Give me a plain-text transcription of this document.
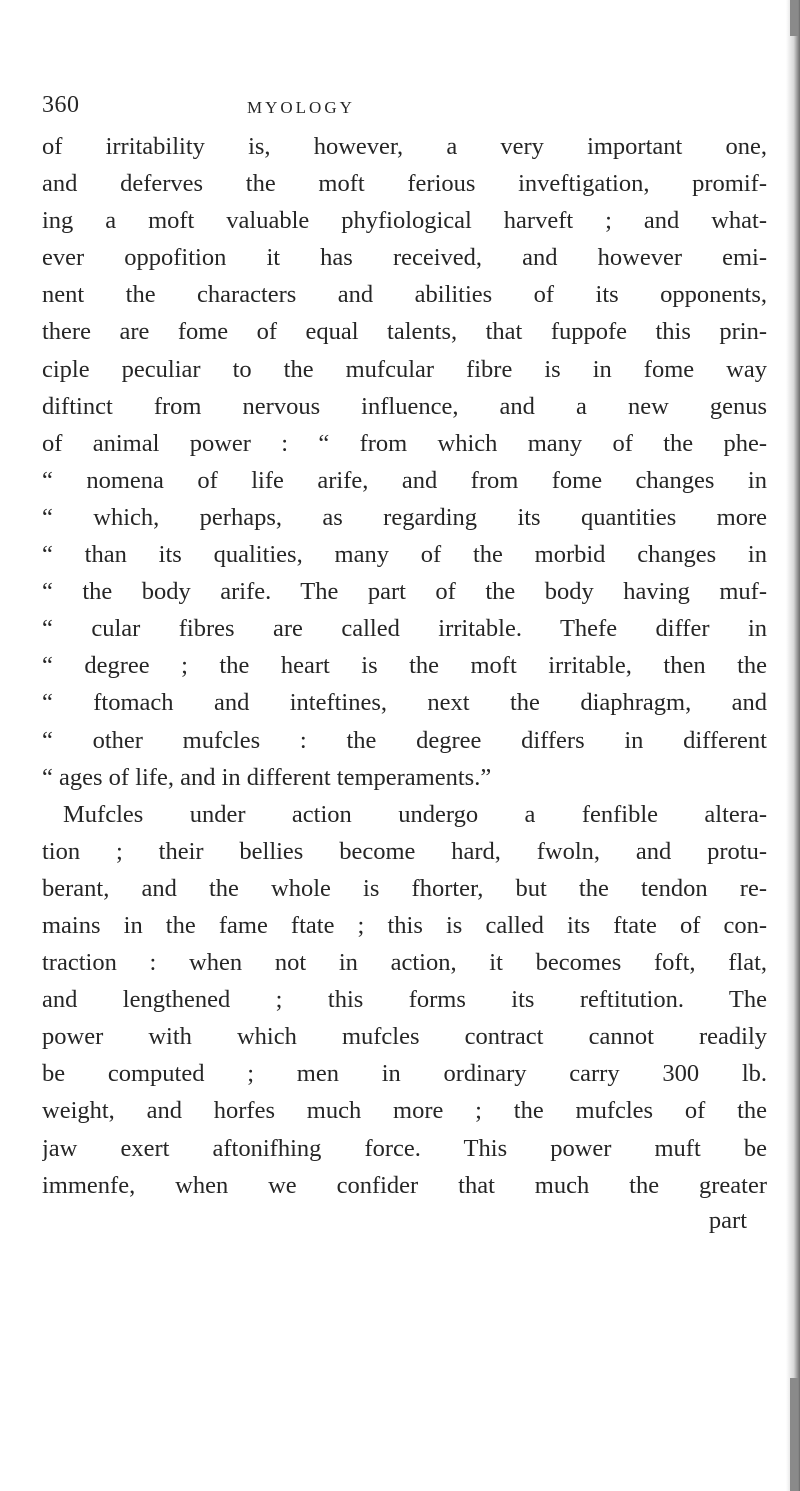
360	MYOLOGY
of irritability is, however, a very important one,
and deferves the moft ferious inveftigation, promif-
ing a moft valuable phyfiological harveft ; and what-
ever oppofition it has received, and however emi-
nent the characters and abilities of its opponents,
there are fome of equal talents, that fuppofe this prin-
ciple peculiar to the mufcular fibre is in fome way
diftinct from nervous influence, and a new genus
of animal power : “ from which many of the phe-
“ nomena of life arife, and from fome changes in
“ which, perhaps, as regarding its quantities more
“ than its qualities, many of the morbid changes in
“ the body arife. The part of the body having muf-
“ cular fibres are called irritable. Thefe differ in
“ degree ; the heart is the moft irritable, then the
“ ftomach and inteftines, next the diaphragm, and
“ other mufcles : the degree differs in different
“ ages of life, and in different temperaments.”
Mufcles under action undergo a fenfible altera-
tion ; their bellies become hard, fwoln, and protu-
berant, and the whole is fhorter, but the tendon re-
mains in the fame ftate ; this is called its ftate of con-
traction : when not in action, it becomes foft, flat,
and lengthened ; this forms its reftitution. The
power with which mufcles contract cannot readily
be computed ; men in ordinary carry 300 lb.
weight, and horfes much more ; the mufcles of the
jaw exert aftonifhing force. This power muft be
immenfe, when we confider that much the greater
part
